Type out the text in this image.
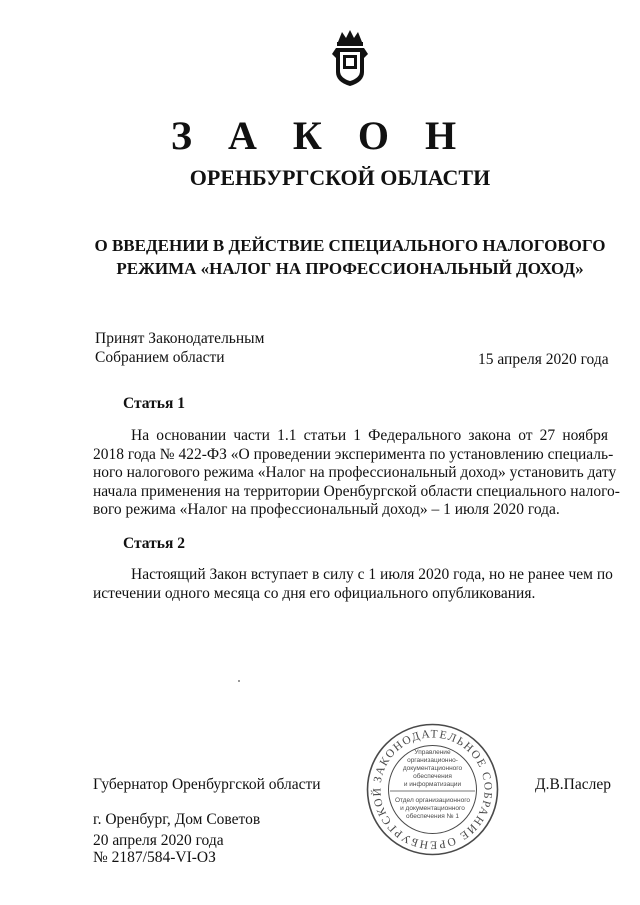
З А К О Н
ОРЕНБУРГСКОЙ ОБЛАСТИ
О ВВЕДЕНИИ В ДЕЙСТВИЕ СПЕЦИАЛЬНОГО НАЛОГОВОГО
РЕЖИМА «НАЛОГ НА ПРОФЕССИОНАЛЬНЫЙ ДОХОД»
Принят Законодательным
Собранием области	15 апреля 2020 года
Статья 1
На основании части 1.1 статьи 1 Федерального закона от 27 ноября
2018 года № 422-ФЗ «О проведении эксперимента по установлению специаль-
ного налогового режима «Налог на профессиональный доход» установить дату
начала применения на территории Оренбургской области специального налого-
вого режима «Налог на профессиональный доход» – 1 июля 2020 года.
Статья 2
Настоящий Закон вступает в силу с 1 июля 2020 года, но не ранее чем по
истечении одного месяца со дня его официального опубликования.
ЗАКОНОДАТЕЛЬНОЕ СОБРАНИЕ ОРЕНБУРГСКОЙ
Управление
организационно-
документационного
обеспечения
и информатизации
Отдел организационного
и документационного
обеспечения № 1
Губернатор Оренбургской области	Д.В.Паслер
г. Оренбург, Дом Советов
20 апреля 2020 года
№ 2187/584-VI-ОЗ
